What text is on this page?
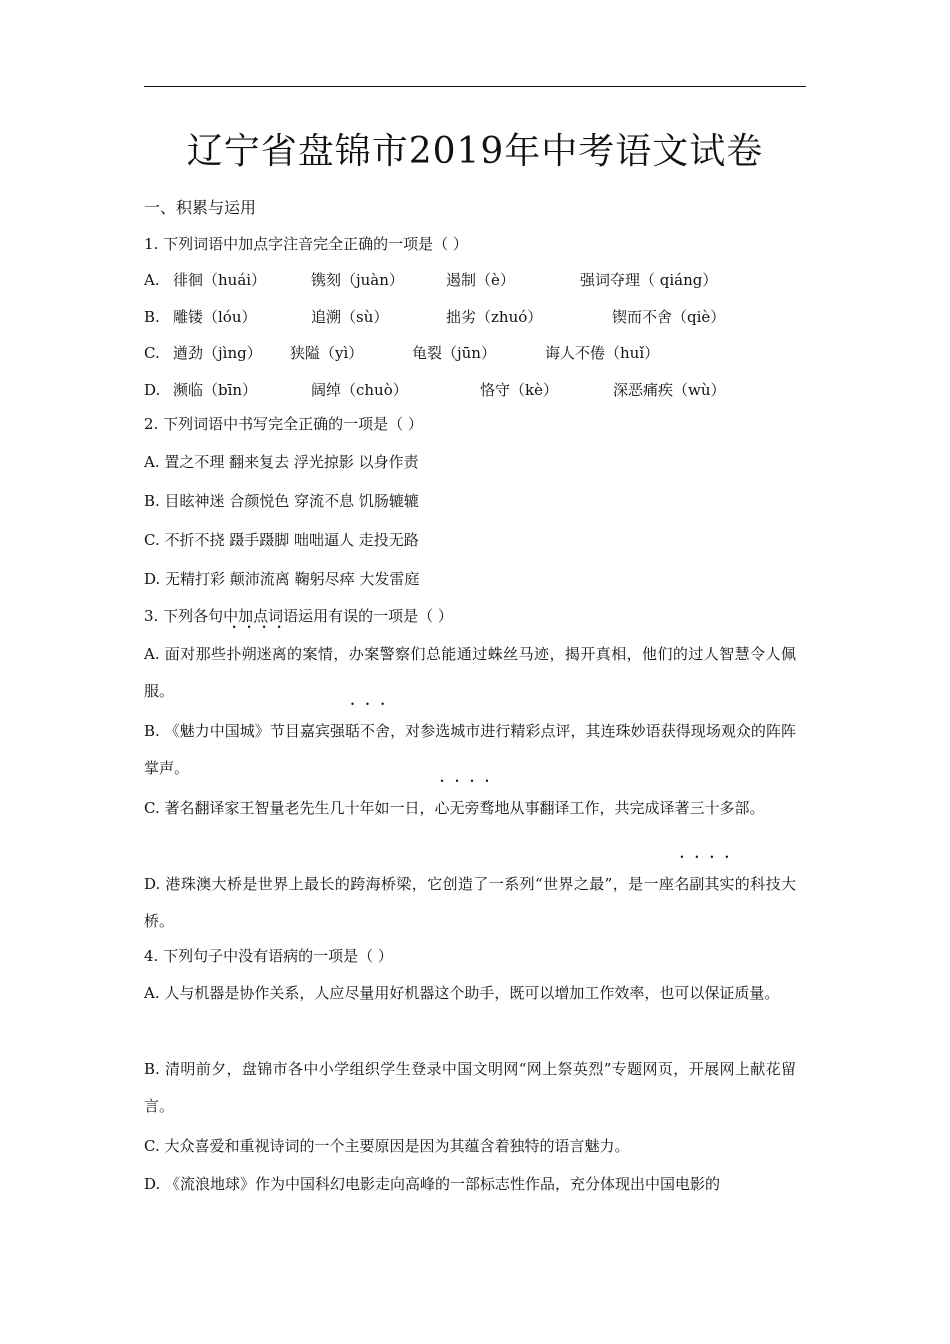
辽宁省盘锦市2019年中考语文试卷
一、积累与运用
1. 下列词语中加点字注音完全正确的一项是（ ）
A. 徘徊（huái）	镌刻（juàn）	遏制（è）	强词夺理（ qiáng）
B. 雕镂（lóu）	追溯（sù）	拙劣（zhuó）	锲而不舍（qiè）
C. 遒劲（jìng） 狭隘（yì）	龟裂（jūn）	诲人不倦（huǐ）
D. 濒临（bīn）	阔绰（chuò）	恪守（kè）	深恶痛疾（wù）
2. 下列词语中书写完全正确的一项是（ ）
A. 置之不理 翻来复去 浮光掠影 以身作责
B. 目眩神迷 合颜悦色 穿流不息 饥肠辘辘
C. 不折不挠 蹑手蹑脚 咄咄逼人 走投无路
D. 无精打彩 颠沛流离 鞠躬尽瘁 大发雷庭
3. 下列各句中加点词语运用有误的一项是（ ）
A. 面对那些扑朔迷离的案情，办案警察们总能通过蛛丝马迹，揭开真相，他们的过人智慧令人佩服。
B. 《魅力中国城》节目嘉宾强聒不舍，对参选城市进行精彩点评，其连珠妙语获得现场观众的阵阵掌声。
C. 著名翻译家王智量老先生几十年如一日，心无旁骛地从事翻译工作，共完成译著三十多部。
D. 港珠澳大桥是世界上最长的跨海桥梁，它创造了一系列“世界之最”，是一座名副其实的科技大桥。
4. 下列句子中没有语病的一项是（ ）
A. 人与机器是协作关系，人应尽量用好机器这个助手，既可以增加工作效率，也可以保证质量。
B. 清明前夕，盘锦市各中小学组织学生登录中国文明网“网上祭英烈”专题网页，开展网上献花留言。
C. 大众喜爱和重视诗词的一个主要原因是因为其蕴含着独特的语言魅力。
D. 《流浪地球》作为中国科幻电影走向高峰的一部标志性作品，充分体现出中国电影的
